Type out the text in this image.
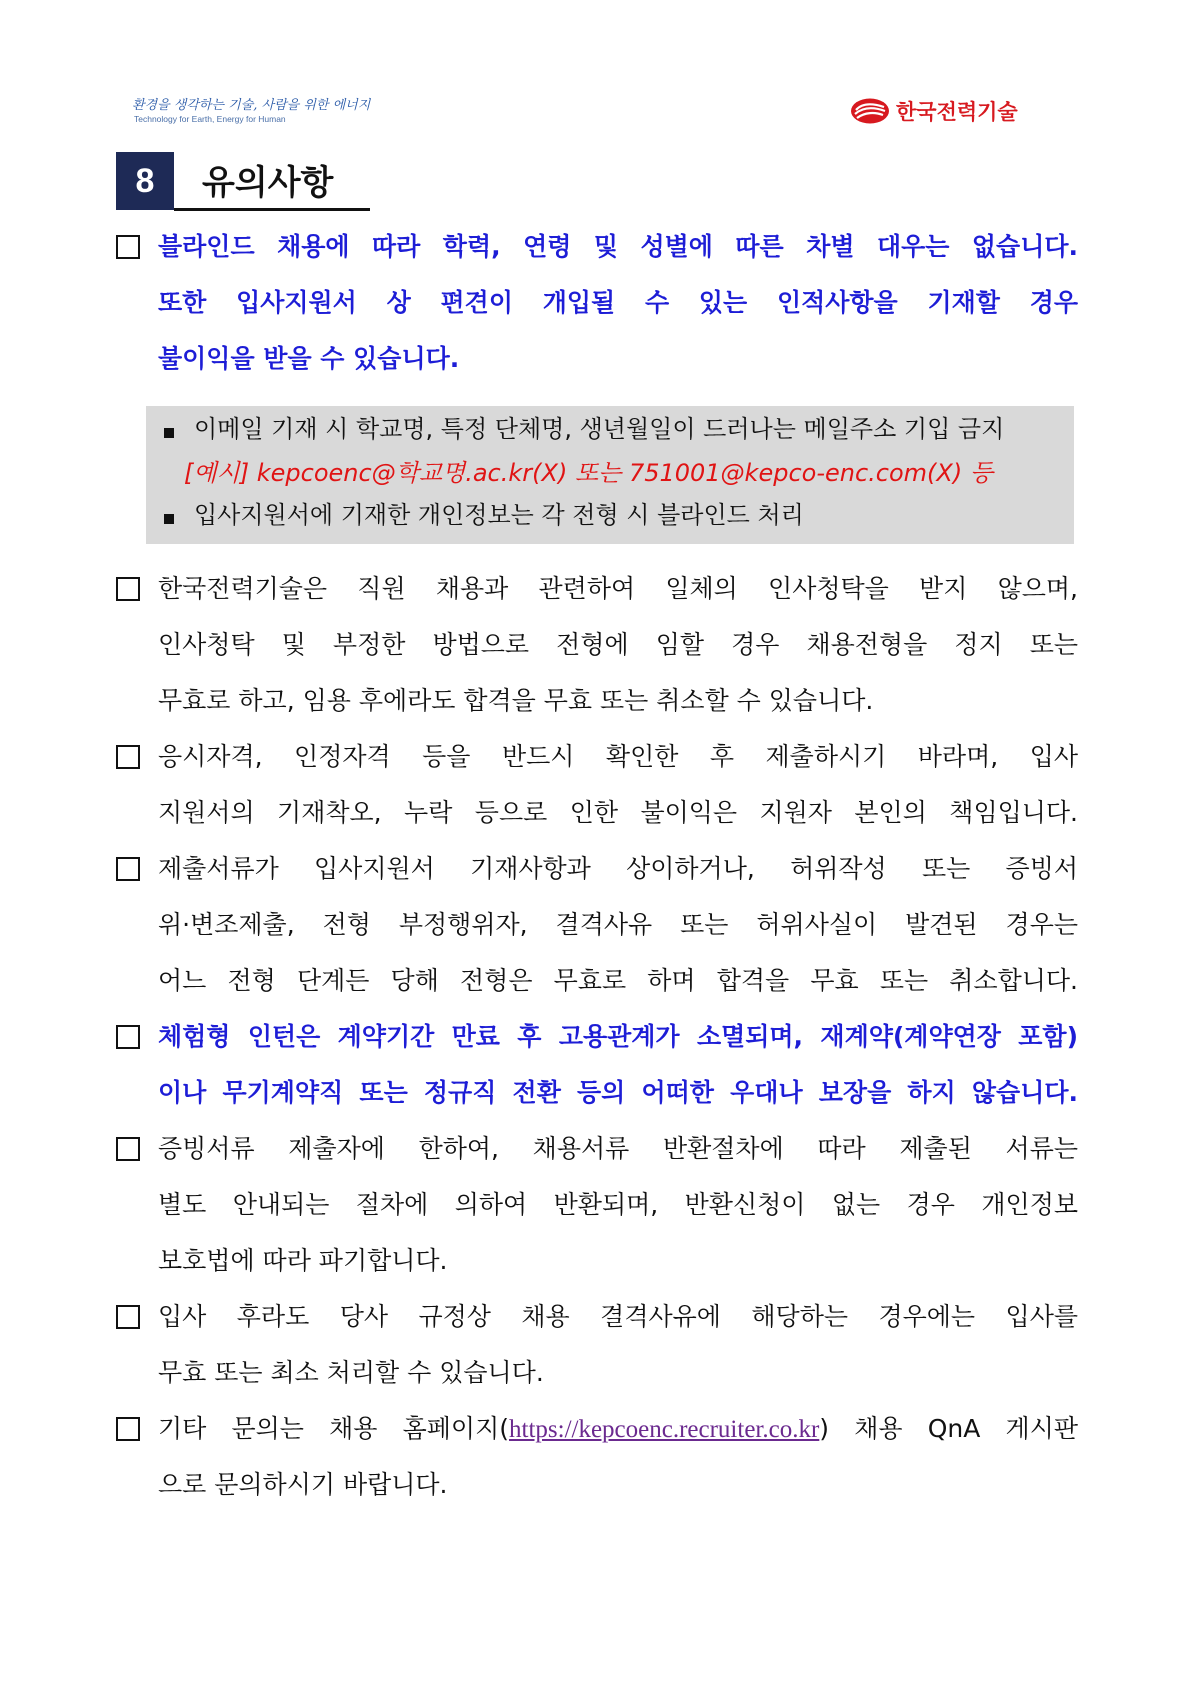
환경을 생각하는 기술, 사람을 위한 에너지
Technology for Earth, Energy for Human	한국전력기술
8	유의사항
블라인드 채용에 따라 학력, 연령 및 성별에 따른 차별 대우는 없습니다.
또한 입사지원서 상 편견이 개입될 수 있는 인적사항을 기재할 경우
불이익을 받을 수 있습니다.
이메일 기재 시 학교명, 특정 단체명, 생년월일이 드러나는 메일주소 기입 금지
[예시] kepcoenc@학교명.ac.kr(X) 또는 751001@kepco-enc.com(X) 등
입사지원서에 기재한 개인정보는 각 전형 시 블라인드 처리
한국전력기술은 직원 채용과 관련하여 일체의 인사청탁을 받지 않으며,
인사청탁 및 부정한 방법으로 전형에 임할 경우 채용전형을 정지 또는
무효로 하고, 임용 후에라도 합격을 무효 또는 취소할 수 있습니다.
응시자격, 인정자격 등을 반드시 확인한 후 제출하시기 바라며, 입사
지원서의 기재착오, 누락 등으로 인한 불이익은 지원자 본인의 책임입니다.
제출서류가 입사지원서 기재사항과 상이하거나, 허위작성 또는 증빙서
위·변조제출, 전형 부정행위자, 결격사유 또는 허위사실이 발견된 경우는
어느 전형 단계든 당해 전형은 무효로 하며 합격을 무효 또는 취소합니다.
체험형 인턴은 계약기간 만료 후 고용관계가 소멸되며, 재계약(계약연장 포함)
이나 무기계약직 또는 정규직 전환 등의 어떠한 우대나 보장을 하지 않습니다.
증빙서류 제출자에 한하여, 채용서류 반환절차에 따라 제출된 서류는
별도 안내되는 절차에 의하여 반환되며, 반환신청이 없는 경우 개인정보
보호법에 따라 파기합니다.
입사 후라도 당사 규정상 채용 결격사유에 해당하는 경우에는 입사를
무효 또는 최소 처리할 수 있습니다.
기타 문의는 채용 홈페이지(https://kepcoenc.recruiter.co.kr) 채용 QnA 게시판
으로 문의하시기 바랍니다.
